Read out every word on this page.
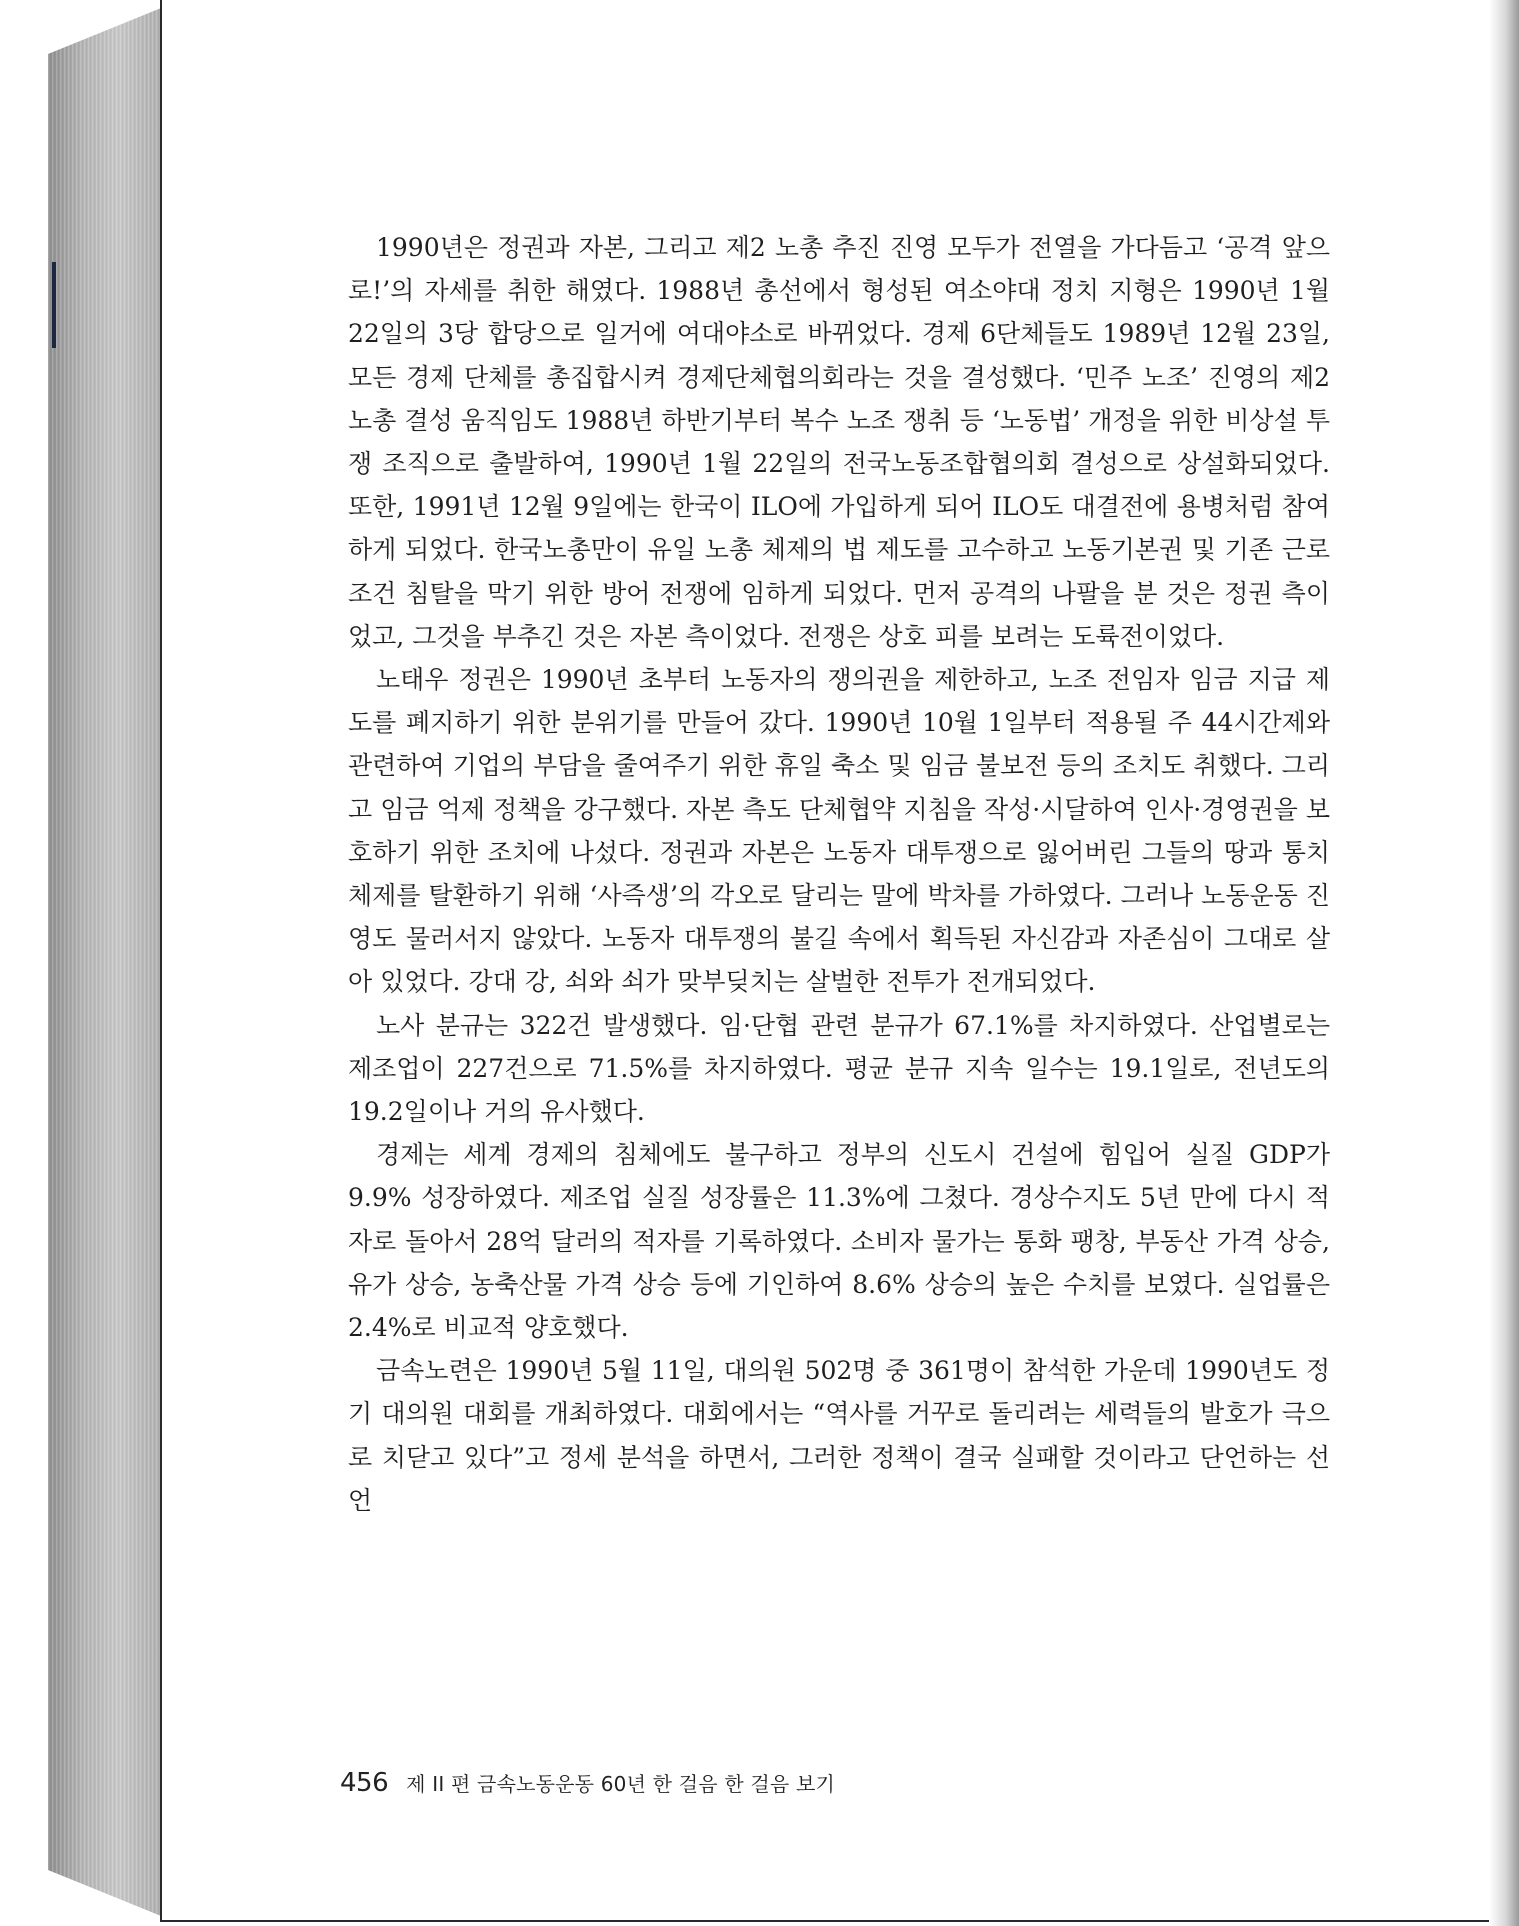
1990년은 정권과 자본, 그리고 제2 노총 추진 진영 모두가 전열을 가다듬고 ‘공격 앞으로!’의 자세를 취한 해였다. 1988년 총선에서 형성된 여소야대 정치 지형은 1990년 1월 22일의 3당 합당으로 일거에 여대야소로 바뀌었다. 경제 6단체들도 1989년 12월 23일, 모든 경제 단체를 총집합시켜 경제단체협의회라는 것을 결성했다. ‘민주 노조’ 진영의 제2 노총 결성 움직임도 1988년 하반기부터 복수 노조 쟁취 등 ‘노동법’ 개정을 위한 비상설 투쟁 조직으로 출발하여, 1990년 1월 22일의 전국노동조합협의회 결성으로 상설화되었다. 또한, 1991년 12월 9일에는 한국이 ILO에 가입하게 되어 ILO도 대결전에 용병처럼 참여하게 되었다. 한국노총만이 유일 노총 체제의 법 제도를 고수하고 노동기본권 및 기존 근로조건 침탈을 막기 위한 방어 전쟁에 임하게 되었다. 먼저 공격의 나팔을 분 것은 정권 측이었고, 그것을 부추긴 것은 자본 측이었다. 전쟁은 상호 피를 보려는 도륙전이었다.

노태우 정권은 1990년 초부터 노동자의 쟁의권을 제한하고, 노조 전임자 임금 지급 제도를 폐지하기 위한 분위기를 만들어 갔다. 1990년 10월 1일부터 적용될 주 44시간제와 관련하여 기업의 부담을 줄여주기 위한 휴일 축소 및 임금 불보전 등의 조치도 취했다. 그리고 임금 억제 정책을 강구했다. 자본 측도 단체협약 지침을 작성·시달하여 인사·경영권을 보호하기 위한 조치에 나섰다. 정권과 자본은 노동자 대투쟁으로 잃어버린 그들의 땅과 통치 체제를 탈환하기 위해 ‘사즉생’의 각오로 달리는 말에 박차를 가하였다. 그러나 노동운동 진영도 물러서지 않았다. 노동자 대투쟁의 불길 속에서 획득된 자신감과 자존심이 그대로 살아 있었다. 강대 강, 쇠와 쇠가 맞부딪치는 살벌한 전투가 전개되었다.

노사 분규는 322건 발생했다. 임·단협 관련 분규가 67.1%를 차지하였다. 산업별로는 제조업이 227건으로 71.5%를 차지하였다. 평균 분규 지속 일수는 19.1일로, 전년도의 19.2일이나 거의 유사했다.

경제는 세계 경제의 침체에도 불구하고 정부의 신도시 건설에 힘입어 실질 GDP가 9.9% 성장하였다. 제조업 실질 성장률은 11.3%에 그쳤다. 경상수지도 5년 만에 다시 적자로 돌아서 28억 달러의 적자를 기록하였다. 소비자 물가는 통화 팽창, 부동산 가격 상승, 유가 상승, 농축산물 가격 상승 등에 기인하여 8.6% 상승의 높은 수치를 보였다. 실업률은 2.4%로 비교적 양호했다.

금속노련은 1990년 5월 11일, 대의원 502명 중 361명이 참석한 가운데 1990년도 정기 대의원 대회를 개최하였다. 대회에서는 “역사를 거꾸로 돌리려는 세력들의 발호가 극으로 치닫고 있다”고 정세 분석을 하면서, 그러한 정책이 결국 실패할 것이라고 단언하는 선언

456 제 II 편 금속노동운동 60년 한 걸음 한 걸음 보기
